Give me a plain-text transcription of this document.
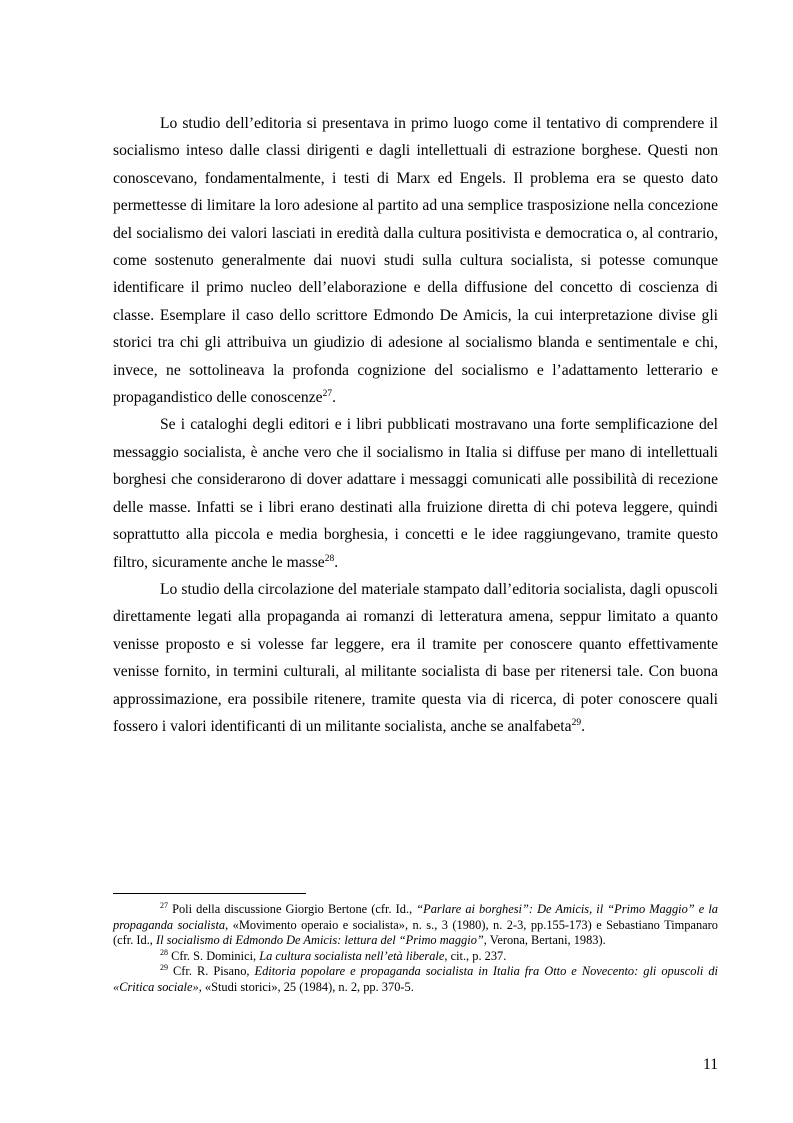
Lo studio dell’editoria si presentava in primo luogo come il tentativo di comprendere il socialismo inteso dalle classi dirigenti e dagli intellettuali di estrazione borghese. Questi non conoscevano, fondamentalmente, i testi di Marx ed Engels. Il problema era se questo dato permettesse di limitare la loro adesione al partito ad una semplice trasposizione nella concezione del socialismo dei valori lasciati in eredità dalla cultura positivista e democratica o, al contrario, come sostenuto generalmente dai nuovi studi sulla cultura socialista, si potesse comunque identificare il primo nucleo dell’elaborazione e della diffusione del concetto di coscienza di classe. Esemplare il caso dello scrittore Edmondo De Amicis, la cui interpretazione divise gli storici tra chi gli attribuiva un giudizio di adesione al socialismo blanda e sentimentale e chi, invece, ne sottolineava la profonda cognizione del socialismo e l’adattamento letterario e propagandistico delle conoscenze$^{27}$.

Se i cataloghi degli editori e i libri pubblicati mostravano una forte semplificazione del messaggio socialista, è anche vero che il socialismo in Italia si diffuse per mano di intellettuali borghesi che considerarono di dover adattare i messaggi comunicati alle possibilità di recezione delle masse. Infatti se i libri erano destinati alla fruizione diretta di chi poteva leggere, quindi soprattutto alla piccola e media borghesia, i concetti e le idee raggiungevano, tramite questo filtro, sicuramente anche le masse$^{28}$.

Lo studio della circolazione del materiale stampato dall’editoria socialista, dagli opuscoli direttamente legati alla propaganda ai romanzi di letteratura amena, seppur limitato a quanto venisse proposto e si volesse far leggere, era il tramite per conoscere quanto effettivamente venisse fornito, in termini culturali, al militante socialista di base per ritenersi tale. Con buona approssimazione, era possibile ritenere, tramite questa via di ricerca, di poter conoscere quali fossero i valori identificanti di un militante socialista, anche se analfabeta$^{29}$.

$^{27}$ Poli della discussione Giorgio Bertone (cfr. Id., “Parlare ai borghesi”: De Amicis, il “Primo Maggio” e la propaganda socialista, «Movimento operaio e socialista», n. s., 3 (1980), n. 2-3, pp.155-173) e Sebastiano Timpanaro (cfr. Id., Il socialismo di Edmondo De Amicis: lettura del “Primo maggio”, Verona, Bertani, 1983).

$^{28}$ Cfr. S. Dominici, La cultura socialista nell’età liberale, cit., p. 237.

$^{29}$ Cfr. R. Pisano, Editoria popolare e propaganda socialista in Italia fra Otto e Novecento: gli opuscoli di «Critica sociale», «Studi storici», 25 (1984), n. 2, pp. 370-5.

11
